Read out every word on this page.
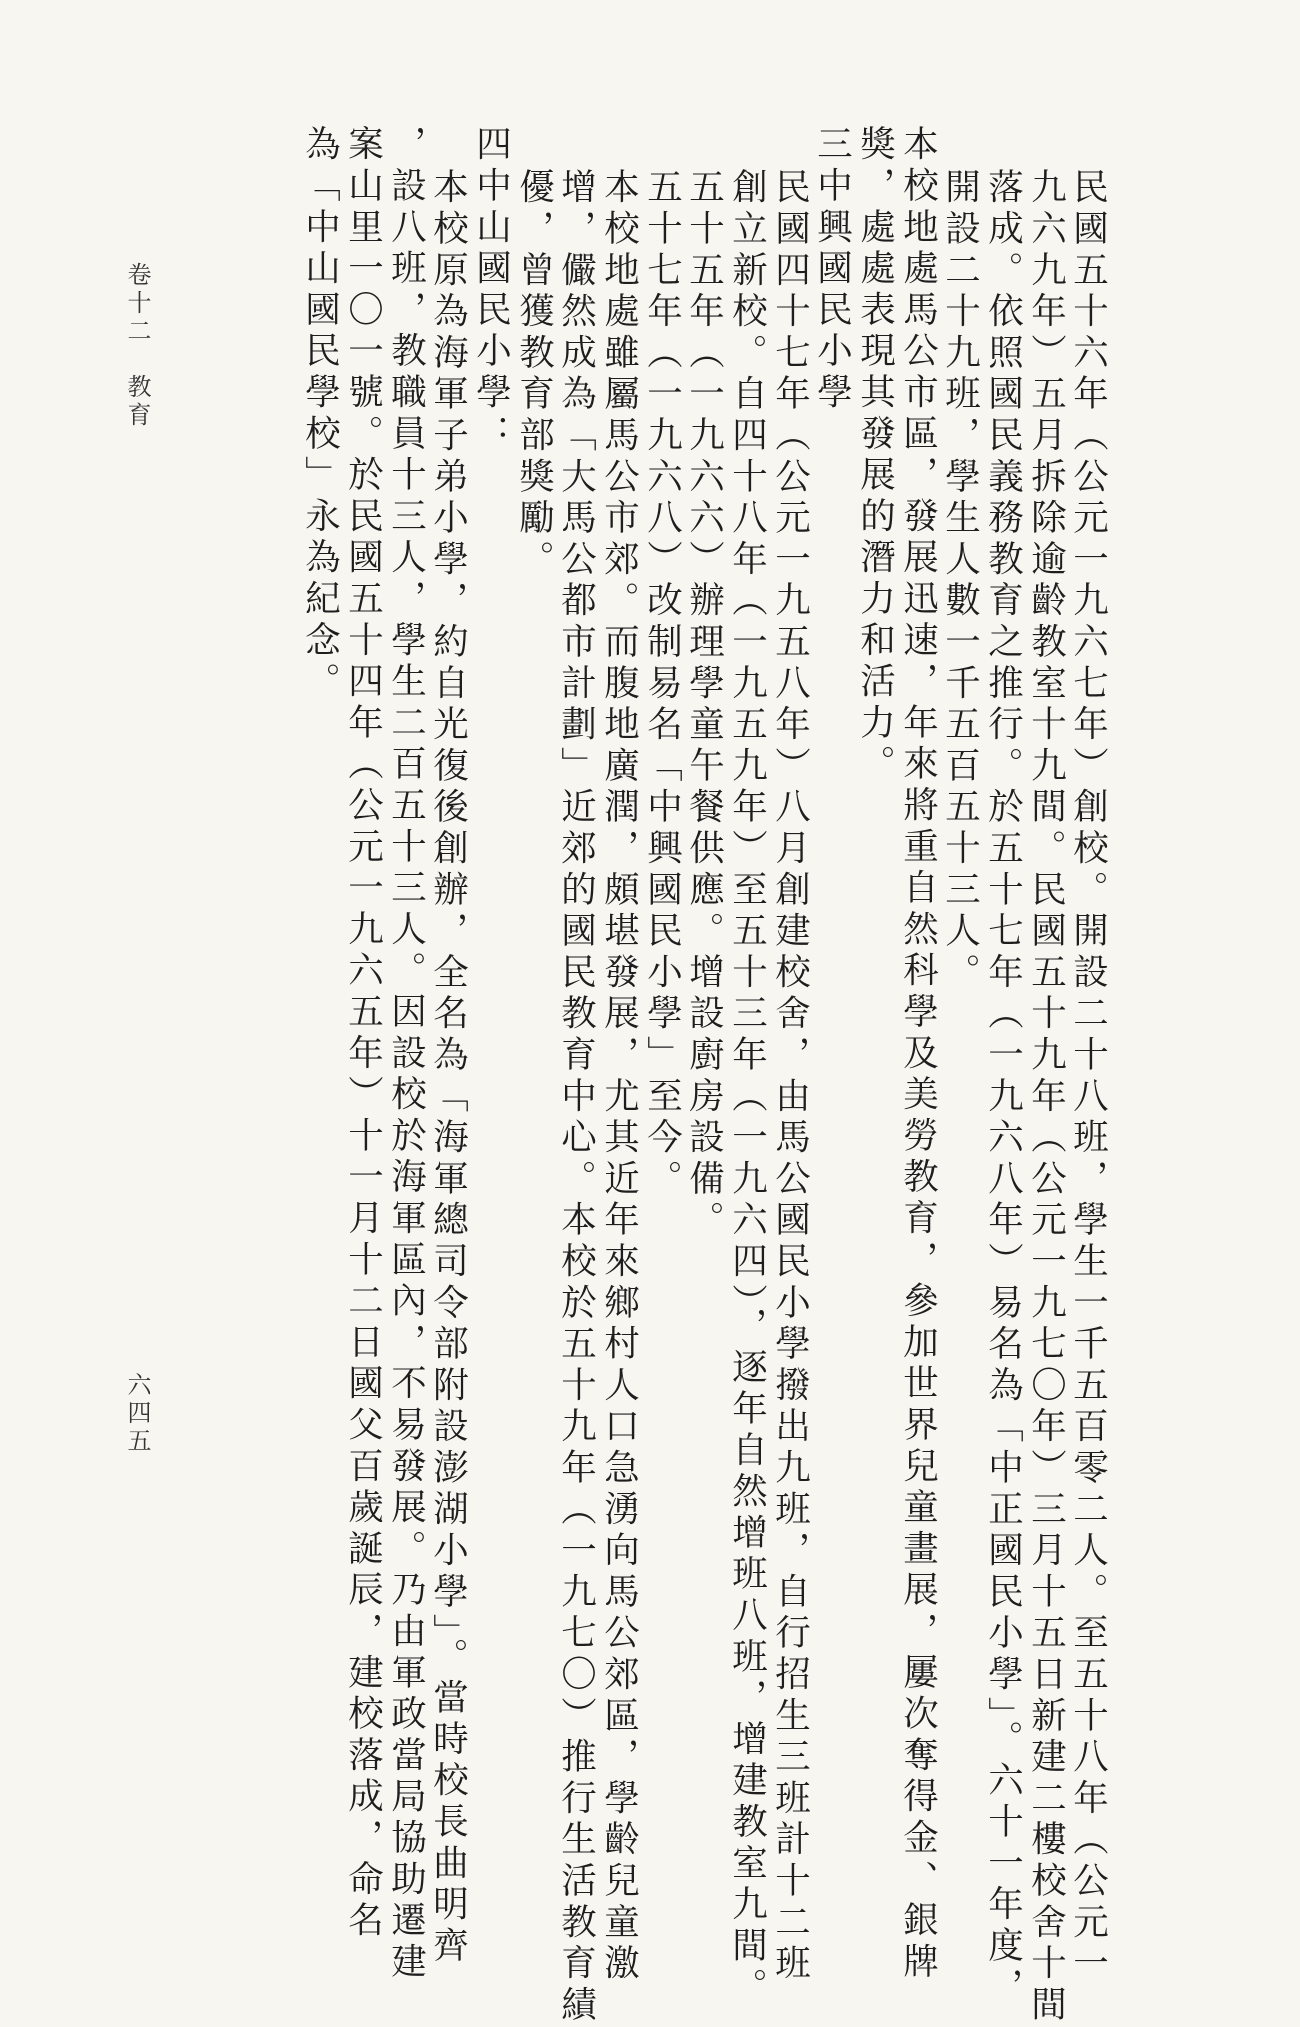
民國五十六年（公元一九六七年）創校。開設二十八班，學生一千五百零二人。至五十八年（公元一
九六九年）五月拆除逾齡教室十九間。民國五十九年（公元一九七〇年）三月十五日新建二樓校舍十間
落成。依照國民義務教育之推行。於五十七年（一九六八年）易名為「中正國民小學」。六十一年度，
開設二十九班，學生人數一千五百五十三人。
本校地處馬公市區，發展迅速，年來將重自然科學及美勞教育，參加世界兒童畫展，屢次奪得金、銀牌
獎，處處表現其發展的潛力和活力。
三中興國民小學
民國四十七年（公元一九五八年）八月創建校舍，由馬公國民小學撥出九班，自行招生三班計十二班
創立新校。自四十八年（一九五九年）至五十三年（一九六四），逐年自然增班八班，增建教室九間。
五十五年（一九六六）辦理學童午餐供應。增設廚房設備。
五十七年（一九六八）改制易名「中興國民小學」至今。
本校地處雖屬馬公市郊。而腹地廣潤，頗堪發展，尤其近年來鄉村人口急湧向馬公郊區，學齡兒童激
增，儼然成為「大馬公都市計劃」近郊的國民教育中心。本校於五十九年（一九七〇）推行生活教育績
優，曾獲教育部獎勵。
四中山國民小學：
本校原為海軍子弟小學，約自光復後創辦，全名為「海軍總司令部附設澎湖小學」。當時校長曲明齊
，設八班，教職員十三人，學生二百五十三人。因設校於海軍區內，不易發展。乃由軍政當局協助遷建
案山里一〇一號。於民國五十四年（公元一九六五年）十一月十二日國父百歲誕辰，建校落成，命名
為「中山國民學校」永為紀念。
卷十二　教育
六四五
